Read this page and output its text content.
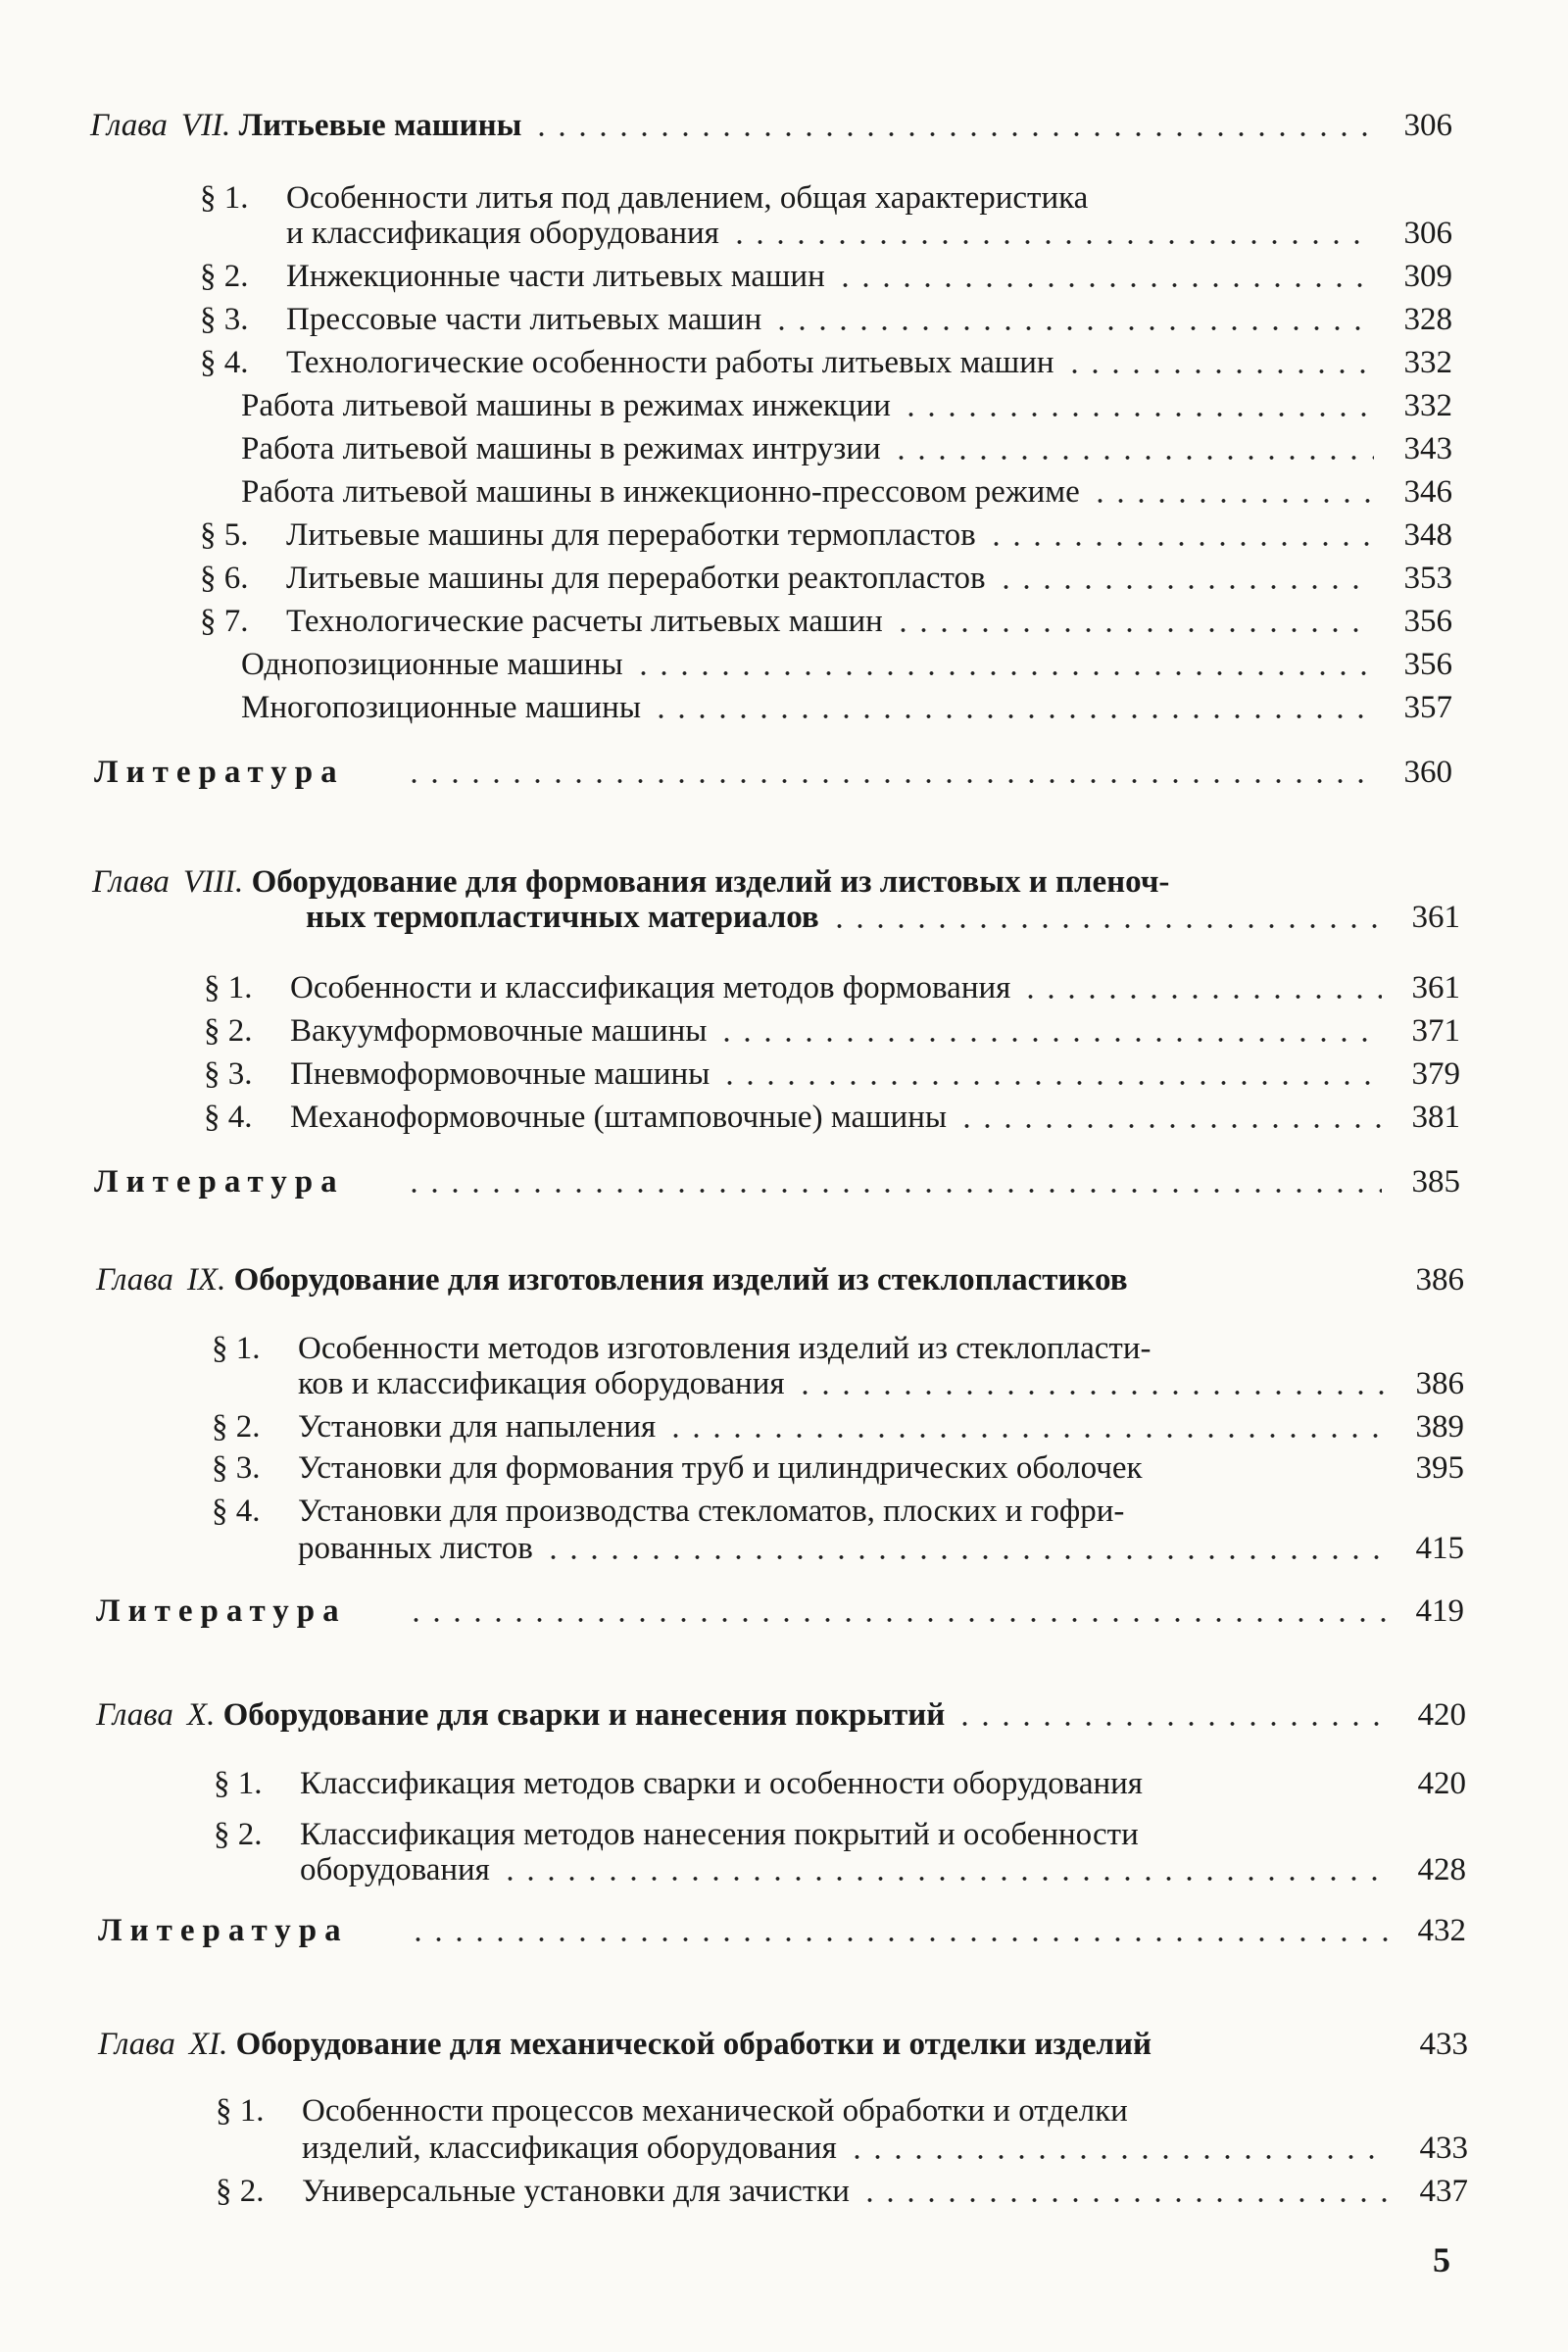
Глава VII. Литьевые машины	306
§ 1. Особенности литья под давлением, общая характеристика
и классификация оборудования	306
§ 2. Инжекционные части литьевых машин	309
§ 3. Прессовые части литьевых машин	328
§ 4. Технологические особенности работы литьевых машин	332
Работа литьевой машины в режимах инжекции	332
Работа литьевой машины в режимах интрузии	343
Работа литьевой машины в инжекционно-прессовом режиме	346
§ 5. Литьевые машины для переработки термопластов	348
§ 6. Литьевые машины для переработки реактопластов	353
§ 7. Технологические расчеты литьевых машин	356
Однопозиционные машины	356
Многопозиционные машины	357
Литература	360
Глава VIII. Оборудование для формования изделий из листовых и пленоч-
ных термопластичных материалов	361
§ 1. Особенности и классификация методов формования	361
§ 2. Вакуумформовочные машины	371
§ 3. Пневмоформовочные машины	379
§ 4. Механоформовочные (штамповочные) машины	381
Литература	385
Глава IX. Оборудование для изготовления изделий из стеклопластиков	386
§ 1. Особенности методов изготовления изделий из стеклопласти-
ков и классификация оборудования	386
§ 2. Установки для напыления	389
§ 3. Установки для формования труб и цилиндрических оболочек	395
§ 4. Установки для производства стекломатов, плоских и гофри-
рованных листов	415
Литература	419
Глава X. Оборудование для сварки и нанесения покрытий	420
§ 1. Классификация методов сварки и особенности оборудования	420
§ 2. Классификация методов нанесения покрытий и особенности
оборудования	428
Литература	432
Глава XI. Оборудование для механической обработки и отделки изделий	433
§ 1. Особенности процессов механической обработки и отделки
изделий, классификация оборудования	433
§ 2. Универсальные установки для зачистки	437
5
